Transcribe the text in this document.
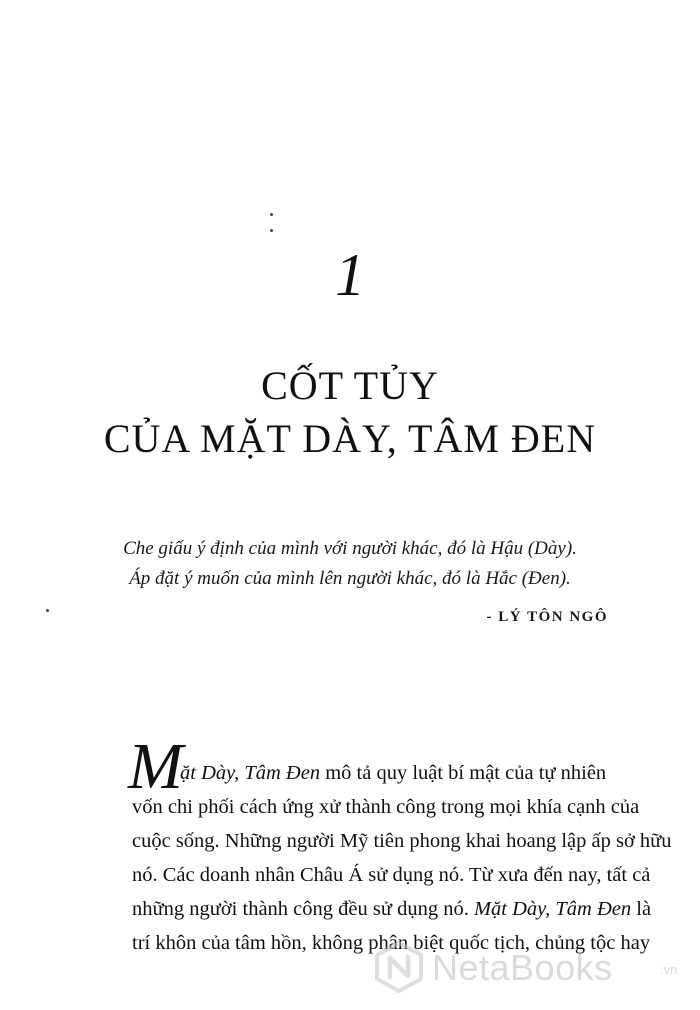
1
CỐT TỦY
CỦA MẶT DÀY, TÂM ĐEN
Che giấu ý định của mình với người khác, đó là Hậu (Dày).
Áp đặt ý muốn của mình lên người khác, đó là Hắc (Đen).
- LÝ TÔN NGÔ
M
ặt Dày, Tâm Đen mô tả quy luật bí mật của tự nhiên
vốn chi phối cách ứng xử thành công trong mọi khía cạnh của
cuộc sống. Những người Mỹ tiên phong khai hoang lập ấp sở hữu
nó. Các doanh nhân Châu Á sử dụng nó. Từ xưa đến nay, tất cả
những người thành công đều sử dụng nó. Mặt Dày, Tâm Đen là
trí khôn của tâm hồn, không phân biệt quốc tịch, chủng tộc hay
NetaBooks	.vn
